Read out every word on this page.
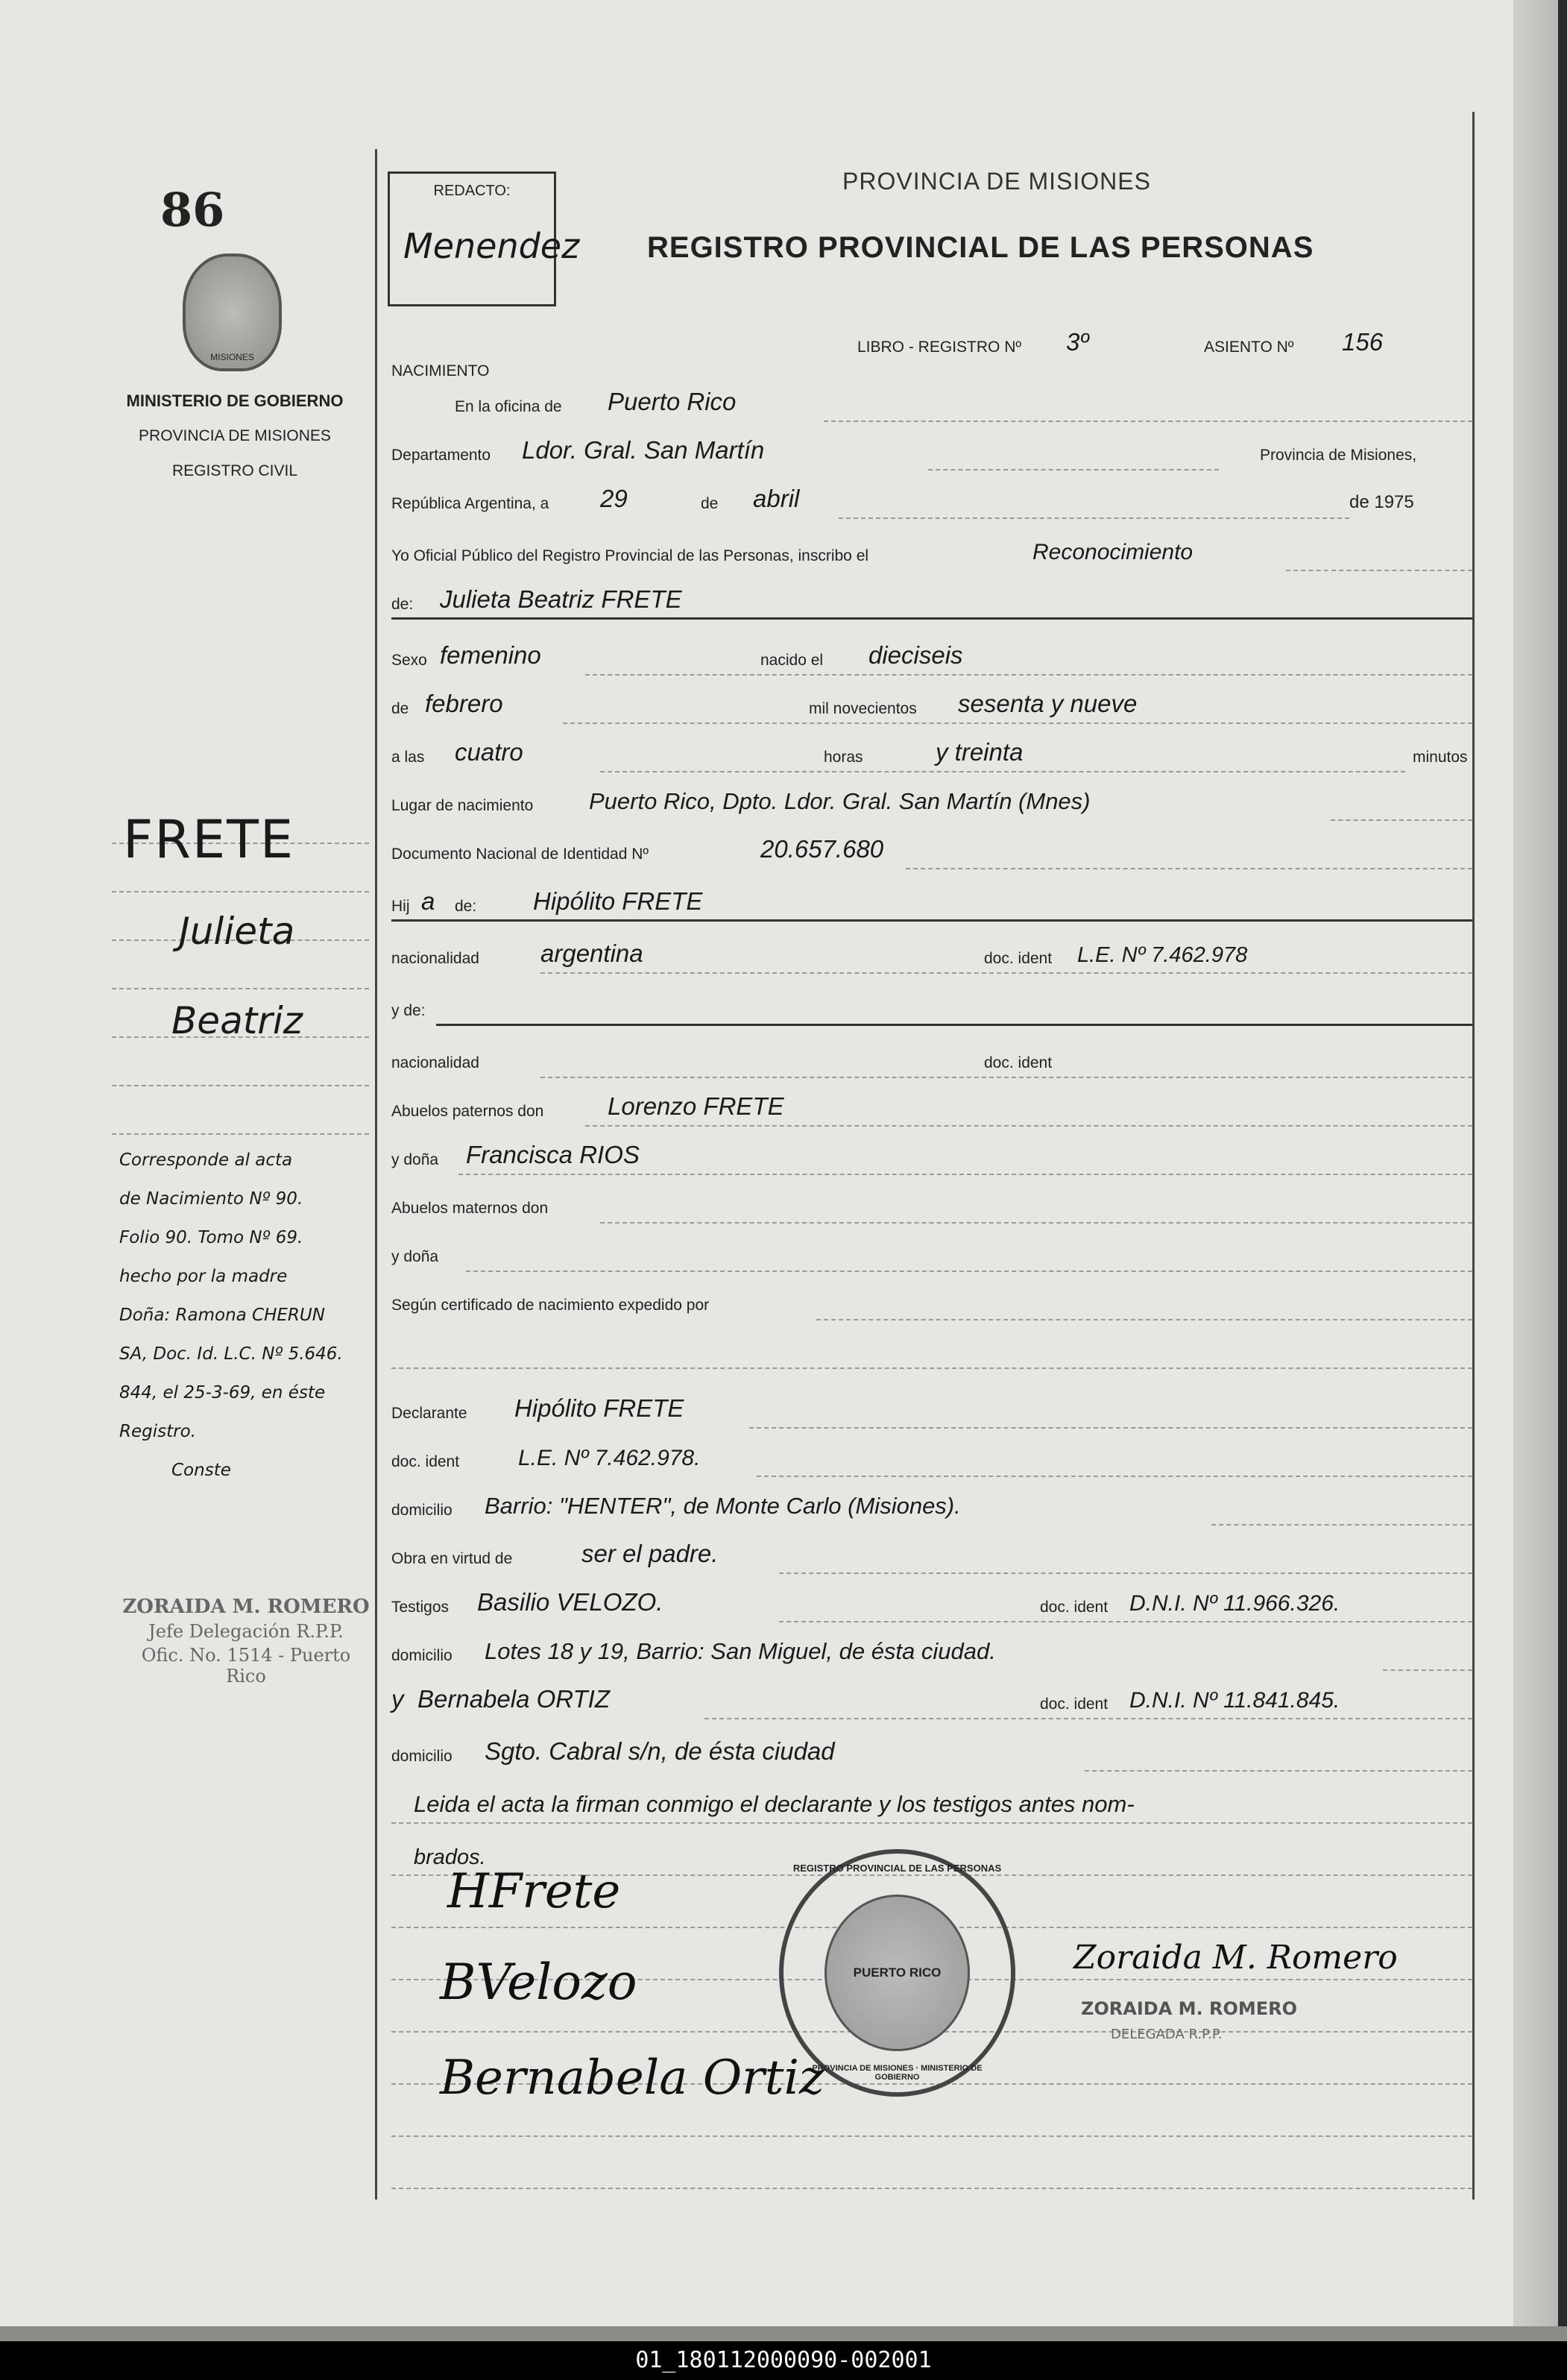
86
MISIONES
MINISTERIO DE GOBIERNO
PROVINCIA DE MISIONES
REGISTRO CIVIL
REDACTO:
Menendez
PROVINCIA DE MISIONES
REGISTRO PROVINCIAL DE LAS PERSONAS
FRETE
Julieta
Beatriz
Corresponde al acta
de Nacimiento Nº 90.
Folio 90. Tomo Nº 69.
hecho por la madre
Doña: Ramona CHERUN
SA, Doc. Id. L.C. Nº 5.646.
844, el 25-3-69, en éste
Registro.
Conste
ZORAIDA M. ROMERO
Jefe Delegación R.P.P.
Ofic. No. 1514 - Puerto Rico
NACIMIENTO
LIBRO - REGISTRO Nº 3º	ASIENTO Nº 156
En la oficina de Puerto Rico
Departamento Ldor. Gral. San Martín	Provincia de Misiones,
República Argentina, a 29	de abril	de 1975
Yo Oficial Público del Registro Provincial de las Personas, inscribo el	Reconocimiento
de: Julieta Beatriz FRETE
Sexo femenino	nacido el dieciseis
de febrero	mil novecientos sesenta y nueve
a las cuatro	horas	y treinta	minutos
Lugar de nacimiento Puerto Rico, Dpto. Ldor. Gral. San Martín (Mnes)
Documento Nacional de Identidad Nº	20.657.680
Hij a de: Hipólito FRETE
nacionalidad argentina	doc. ident L.E. Nº 7.462.978
y de:
nacionalidad	doc. ident
Abuelos paternos don	Lorenzo FRETE
y doña Francisca RIOS
Abuelos maternos don
y doña
Según certificado de nacimiento expedido por
Declarante Hipólito FRETE
doc. ident	L.E. Nº 7.462.978.
domicilio Barrio: "HENTER", de Monte Carlo (Misiones).
Obra en virtud de	ser el padre.
Testigos Basilio VELOZO.	doc. ident D.N.I. Nº 11.966.326.
domicilio Lotes 18 y 19, Barrio: San Miguel, de ésta ciudad.
y Bernabela ORTIZ	doc. ident D.N.I. Nº 11.841.845.
domicilio Sgto. Cabral s/n, de ésta ciudad
Leida el acta la firman conmigo el declarante y los testigos antes nom-
brados.
HFrete
BVelozo
Bernabela Ortiz
REGISTRO PROVINCIAL DE LAS PERSONAS
PUERTO RICO
PROVINCIA DE MISIONES · MINISTERIO DE GOBIERNO
Zoraida M. Romero
ZORAIDA M. ROMERO
DELEGADA R.P.P.
01_180112000090-002001
